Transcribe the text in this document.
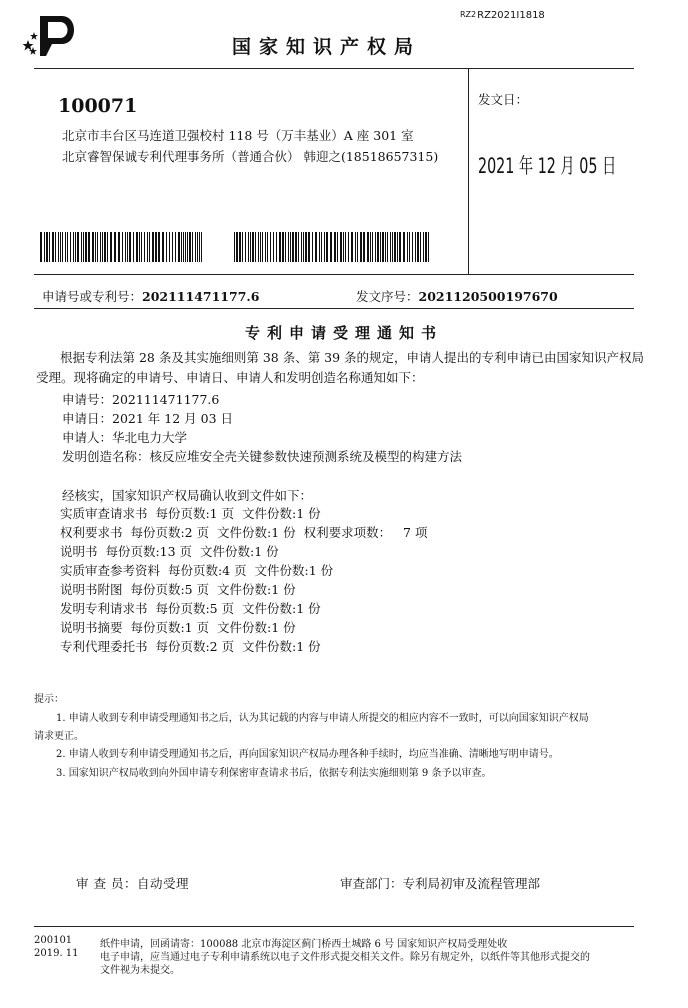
国家知识产权局
$^{RZ2}$RZ2021I1818
100071
北京市丰台区马连道卫强校村 118 号（万丰基业）A 座 301 室
北京睿智保诚专利代理事务所（普通合伙） 韩迎之(18518657315)
发文日：
2021 年 12 月 05 日
申请号或专利号：202111471177.6	发文序号：2021120500197670
专利申请受理通知书
根据专利法第 28 条及其实施细则第 38 条、第 39 条的规定，申请人提出的专利申请已由国家知识产权局
受理。现将确定的申请号、申请日、申请人和发明创造名称通知如下：
申请号：202111471177.6
申请日：2021 年 12 月 03 日
申请人：华北电力大学
发明创造名称：核反应堆安全壳关键参数快速预测系统及模型的构建方法
经核实，国家知识产权局确认收到文件如下：
实质审查请求书  每份页数:1 页  文件份数:1 份
权利要求书  每份页数:2 页  文件份数:1 份  权利要求项数：   7 项
说明书  每份页数:13 页  文件份数:1 份
实质审查参考资料  每份页数:4 页  文件份数:1 份
说明书附图  每份页数:5 页  文件份数:1 份
发明专利请求书  每份页数:5 页  文件份数:1 份
说明书摘要  每份页数:1 页  文件份数:1 份
专利代理委托书  每份页数:2 页  文件份数:1 份
提示：
1. 申请人收到专利申请受理通知书之后，认为其记载的内容与申请人所提交的相应内容不一致时，可以向国家知识产权局
请求更正。
2. 申请人收到专利申请受理通知书之后，再向国家知识产权局办理各种手续时，均应当准确、清晰地写明申请号。
3. 国家知识产权局收到向外国申请专利保密审查请求书后，依据专利法实施细则第 9 条予以审查。
审 查 员：自动受理	审查部门：专利局初审及流程管理部
200101
2019. 11
纸件申请，回函请寄：100088 北京市海淀区蓟门桥西土城路 6 号 国家知识产权局受理处收
电子申请，应当通过电子专利申请系统以电子文件形式提交相关文件。除另有规定外，以纸件等其他形式提交的
文件视为未提交。
